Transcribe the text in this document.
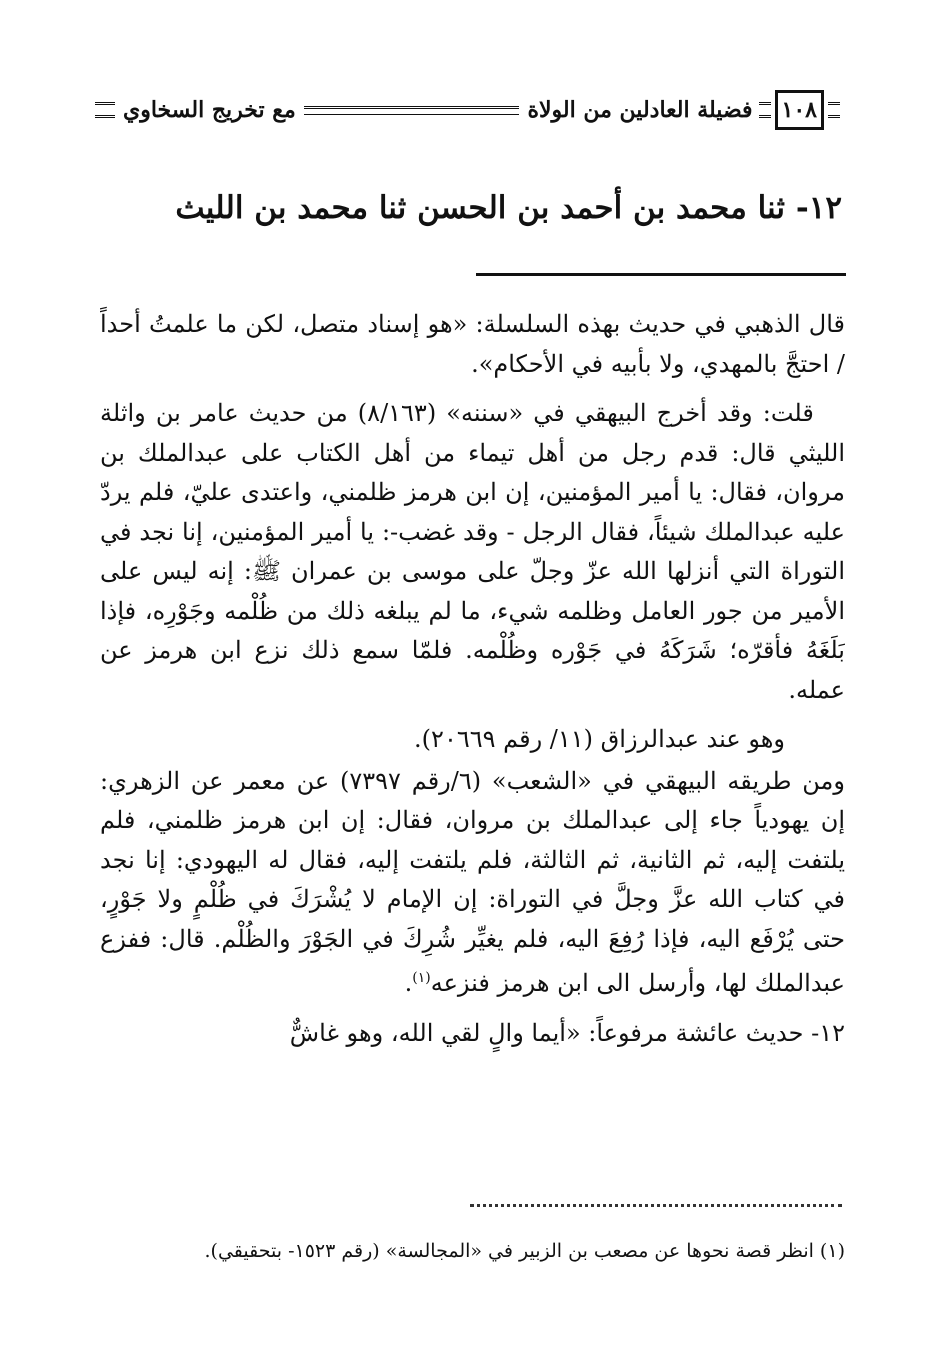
١٠٨
فضيلة العادلين من الولاة
مع تخريج السخاوي
١٢- ثنا محمد بن أحمد بن الحسن ثنا محمد بن الليث

قال الذهبي في حديث بهذه السلسلة: «هو إسناد متصل، لكن ما علمتُ أحداً / احتجَّ بالمهدي، ولا بأبيه في الأحكام».

قلت: وقد أخرج البيهقي في «سننه» (٨/١٦٣) من حديث عامر بن واثلة الليثي قال: قدم رجل من أهل تيماء من أهل الكتاب على عبدالملك بن مروان، فقال: يا أمير المؤمنين، إن ابن هرمز ظلمني، واعتدى عليّ، فلم يردّ عليه عبدالملك شيئاً، فقال الرجل - وقد غضب-: يا أمير المؤمنين، إنا نجد في التوراة التي أنزلها الله عزّ وجلّ على موسى بن عمران ﷺ: إنه ليس على الأمير من جور العامل وظلمه شيء، ما لم يبلغه ذلك من ظُلْمه وجَوْرِه، فإذا بَلَغَهُ فأقرّه؛ شَرَكَهُ في جَوْره وظُلْمه. فلمّا سمع ذلك نزع ابن هرمز عن عمله.

وهو عند عبدالرزاق (١١/ رقم ٢٠٦٦٩).

ومن طريقه البيهقي في «الشعب» (٦/رقم ٧٣٩٧) عن معمر عن الزهري: إن يهودياً جاء إلى عبدالملك بن مروان، فقال: إن ابن هرمز ظلمني، فلم يلتفت إليه، ثم الثانية، ثم الثالثة، فلم يلتفت إليه، فقال له اليهودي: إنا نجد في كتاب الله عزَّ وجلَّ في التوراة: إن الإمام لا يُشْرَكَ في ظُلْمٍ ولا جَوْرٍ، حتى يُرْفَع اليه، فإذا رُفِعَ اليه، فلم يغيِّر شُرِكَ في الجَوْرَ والظُلْم. قال: ففزع عبدالملك لها، وأرسل الى ابن هرمز فنزعه$^{(١)}$.

١٢- حديث عائشة مرفوعاً: «أيما والٍ لقي الله، وهو غاشٌّ

(١) انظر قصة نحوها عن مصعب بن الزبير في «المجالسة» (رقم ١٥٢٣- بتحقيقي).
